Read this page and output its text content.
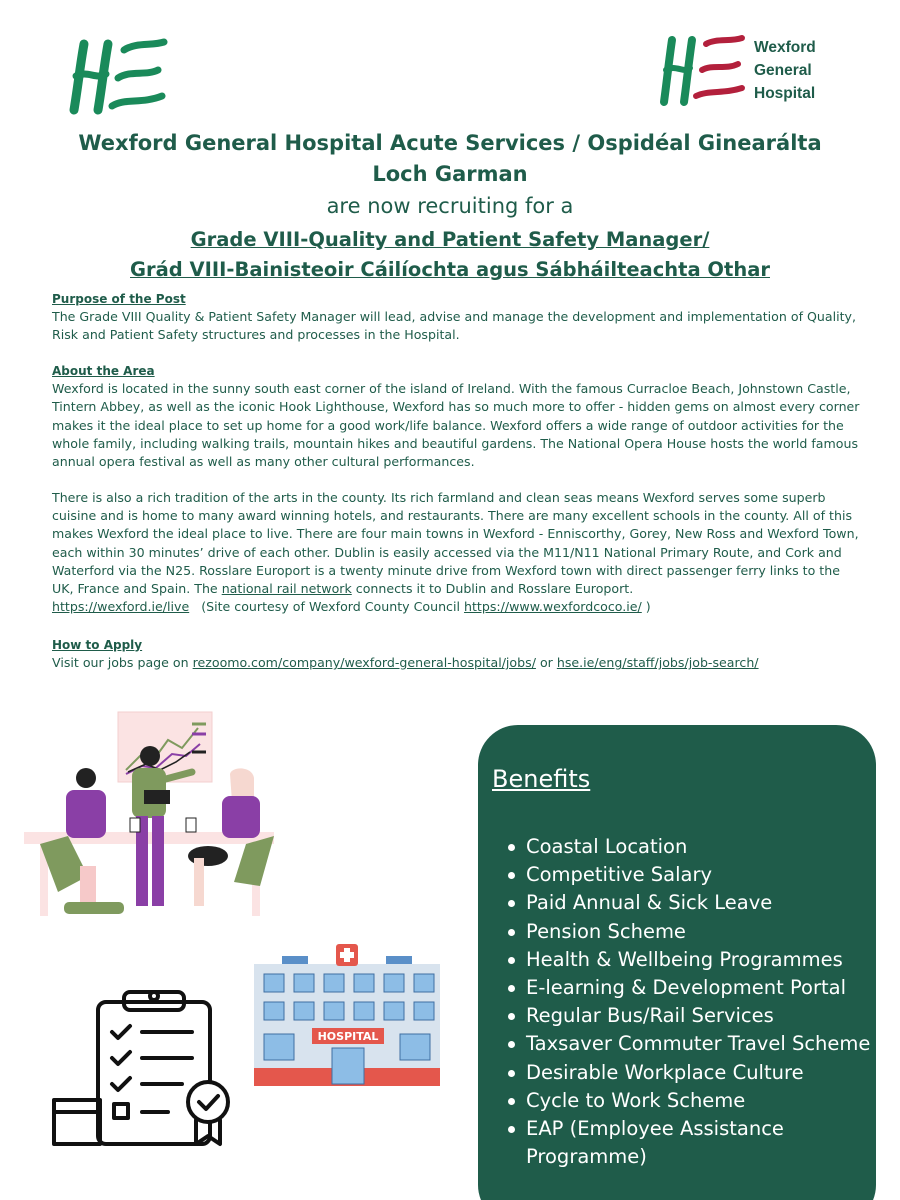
Wexford
General
Hospital
Wexford General Hospital Acute Services / Ospidéal Ginearálta Loch Garman
are now recruiting for a
Grade VIII-Quality and Patient Safety Manager/
Grád VIII-Bainisteoir Cáilíochta agus Sábháilteachta Othar
Purpose of the Post
The Grade VIII Quality & Patient Safety Manager will lead, advise and manage the development and implementation of Quality, Risk and Patient Safety structures and processes in the Hospital.
About the Area
Wexford is located in the sunny south east corner of the island of Ireland. With the famous Curracloe Beach, Johnstown Castle, Tintern Abbey, as well as the iconic Hook Lighthouse, Wexford has so much more to offer - hidden gems on almost every corner makes it the ideal place to set up home for a good work/life balance. Wexford offers a wide range of outdoor activities for the whole family, including walking trails, mountain hikes and beautiful gardens. The National Opera House hosts the world famous annual opera festival as well as many other cultural performances.
There is also a rich tradition of the arts in the county. Its rich farmland and clean seas means Wexford serves some superb cuisine and is home to many award winning hotels, and restaurants. There are many excellent schools in the county. All of this makes Wexford the ideal place to live. There are four main towns in Wexford - Enniscorthy, Gorey, New Ross and Wexford Town, each within 30 minutes’ drive of each other. Dublin is easily accessed via the M11/N11 National Primary Route, and Cork and Waterford via the N25. Rosslare Europort is a twenty minute drive from Wexford town with direct passenger ferry links to the UK, France and Spain. The national rail network connects it to Dublin and Rosslare Europort.
https://wexford.ie/live   (Site courtesy of Wexford County Council https://www.wexfordcoco.ie/ )
How to Apply
Visit our jobs page on rezoomo.com/company/wexford-general-hospital/jobs/ or hse.ie/eng/staff/jobs/job-search/
HOSPITAL
Benefits
Coastal Location
Competitive Salary
Paid Annual & Sick Leave
Pension Scheme
Health & Wellbeing Programmes
E-learning & Development Portal
Regular Bus/Rail Services
Taxsaver Commuter Travel Scheme
Desirable Workplace Culture
Cycle to Work Scheme
EAP (Employee Assistance Programme)
